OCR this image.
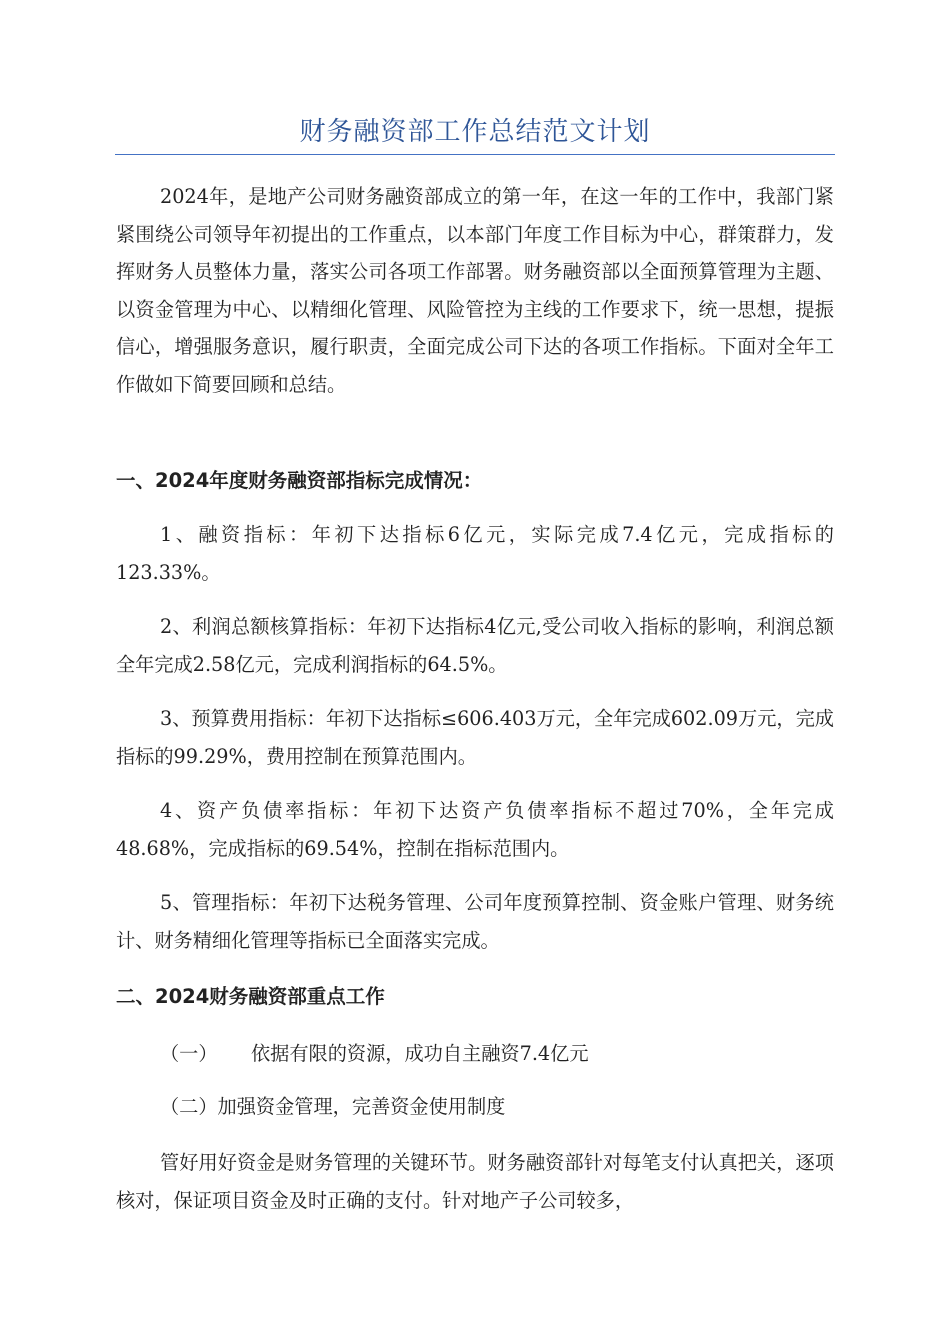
财务融资部工作总结范文计划
2024年，是地产公司财务融资部成立的第一年，在这一年的工作中，我部门紧紧围绕公司领导年初提出的工作重点，以本部门年度工作目标为中心，群策群力，发挥财务人员整体力量，落实公司各项工作部署。财务融资部以全面预算管理为主题、以资金管理为中心、以精细化管理、风险管控为主线的工作要求下，统一思想，提振信心，增强服务意识，履行职责，全面完成公司下达的各项工作指标。下面对全年工作做如下简要回顾和总结。
一、2024年度财务融资部指标完成情况：
1、融资指标：年初下达指标6亿元，实际完成7.4亿元，完成指标的123.33%。
2、利润总额核算指标：年初下达指标4亿元,受公司收入指标的影响，利润总额全年完成2.58亿元，完成利润指标的64.5%。
3、预算费用指标：年初下达指标≤606.403万元，全年完成602.09万元，完成指标的99.29%，费用控制在预算范围内。
4、资产负债率指标：年初下达资产负债率指标不超过70%，全年完成48.68%，完成指标的69.54%，控制在指标范围内。
5、管理指标：年初下达税务管理、公司年度预算控制、资金账户管理、财务统计、财务精细化管理等指标已全面落实完成。
二、2024财务融资部重点工作
（一） 依据有限的资源，成功自主融资7.4亿元
（二）加强资金管理，完善资金使用制度
管好用好资金是财务管理的关键环节。财务融资部针对每笔支付认真把关，逐项核对，保证项目资金及时正确的支付。针对地产子公司较多，
